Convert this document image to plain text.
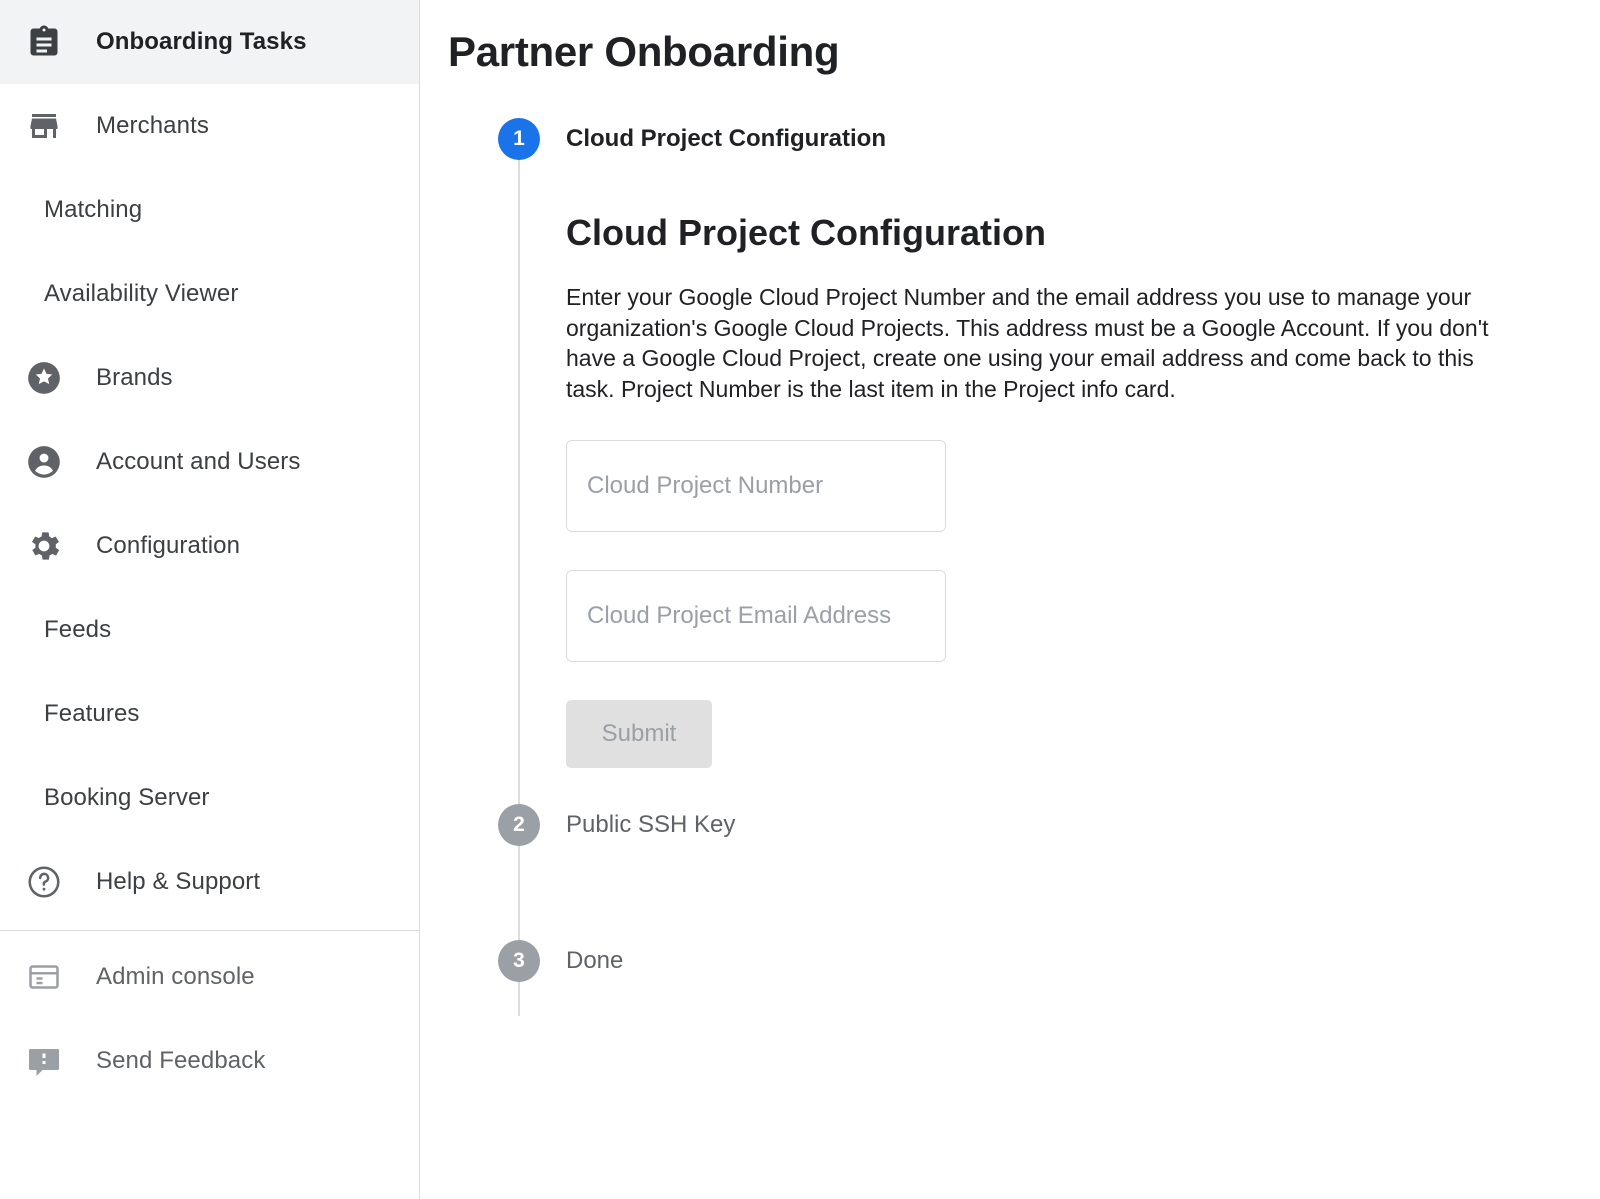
Onboarding Tasks
Merchants
Matching
Availability Viewer
Brands
Account and Users
Configuration
Feeds
Features
Booking Server
Help & Support
Admin console
Send Feedback
Partner Onboarding
1	Cloud Project Configuration
Cloud Project Configuration

Enter your Google Cloud Project Number and the email address you use to manage your organization's Google Cloud Projects. This address must be a Google Account. If you don't have a Google Cloud Project, create one using your email address and come back to this task. Project Number is the last item in the Project info card.

Cloud Project Number
Cloud Project Email Address Submit
2	Public SSH Key
3	Done
